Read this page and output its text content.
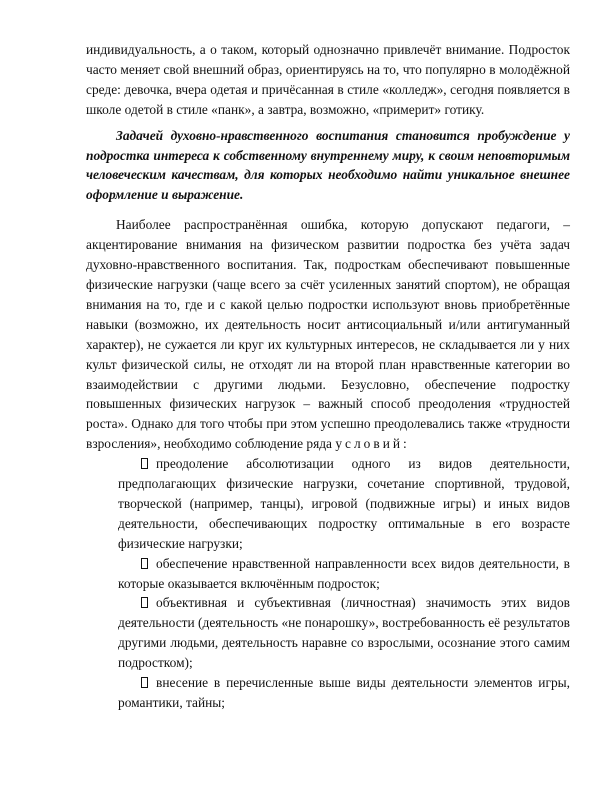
индивидуальность, а о таком, который однозначно привлечёт внимание. Подросток часто меняет свой внешний образ, ориентируясь на то, что популярно в молодёжной среде: девочка, вчера одетая и причёсанная в стиле «колледж», сегодня появляется в школе одетой в стиле «панк», а завтра, возможно, «примерит» готику.

Задачей духовно-нравственного воспитания становится пробуждение у подростка интереса к собственному внутреннему миру, к своим неповторимым человеческим качествам, для которых необходимо найти уникальное внешнее оформление и выражение.

Наиболее распространённая ошибка, которую допускают педагоги, – акцентирование внимания на физическом развитии подростка без учёта задач духовно-нравственного воспитания. Так, подросткам обеспечивают повышенные физические нагрузки (чаще всего за счёт усиленных занятий спортом), не обращая внимания на то, где и с какой целью подростки используют вновь приобретённые навыки (возможно, их деятельность носит антисоциальный и/или антигуманный характер), не сужается ли круг их культурных интересов, не складывается ли у них культ физической силы, не отходят ли на второй план нравственные категории во взаимодействии с другими людьми. Безусловно, обеспечение подростку повышенных физических нагрузок – важный способ преодоления «трудностей роста». Однако для того чтобы при этом успешно преодолевались также «трудности взросления», необходимо соблюдение ряда условий:

преодоление абсолютизации одного из видов деятельности, предполагающих физические нагрузки, сочетание спортивной, трудовой, творческой (например, танцы), игровой (подвижные игры) и иных видов деятельности, обеспечивающих подростку оптимальные в его возрасте физические нагрузки;
обеспечение нравственной направленности всех видов деятельности, в которые оказывается включённым подросток;
объективная и субъективная (личностная) значимость этих видов деятельности (деятельность «не понарошку», востребованность её результатов другими людьми, деятельность наравне со взрослыми, осознание этого самим подростком);
внесение в перечисленные выше виды деятельности элементов игры, романтики, тайны;
